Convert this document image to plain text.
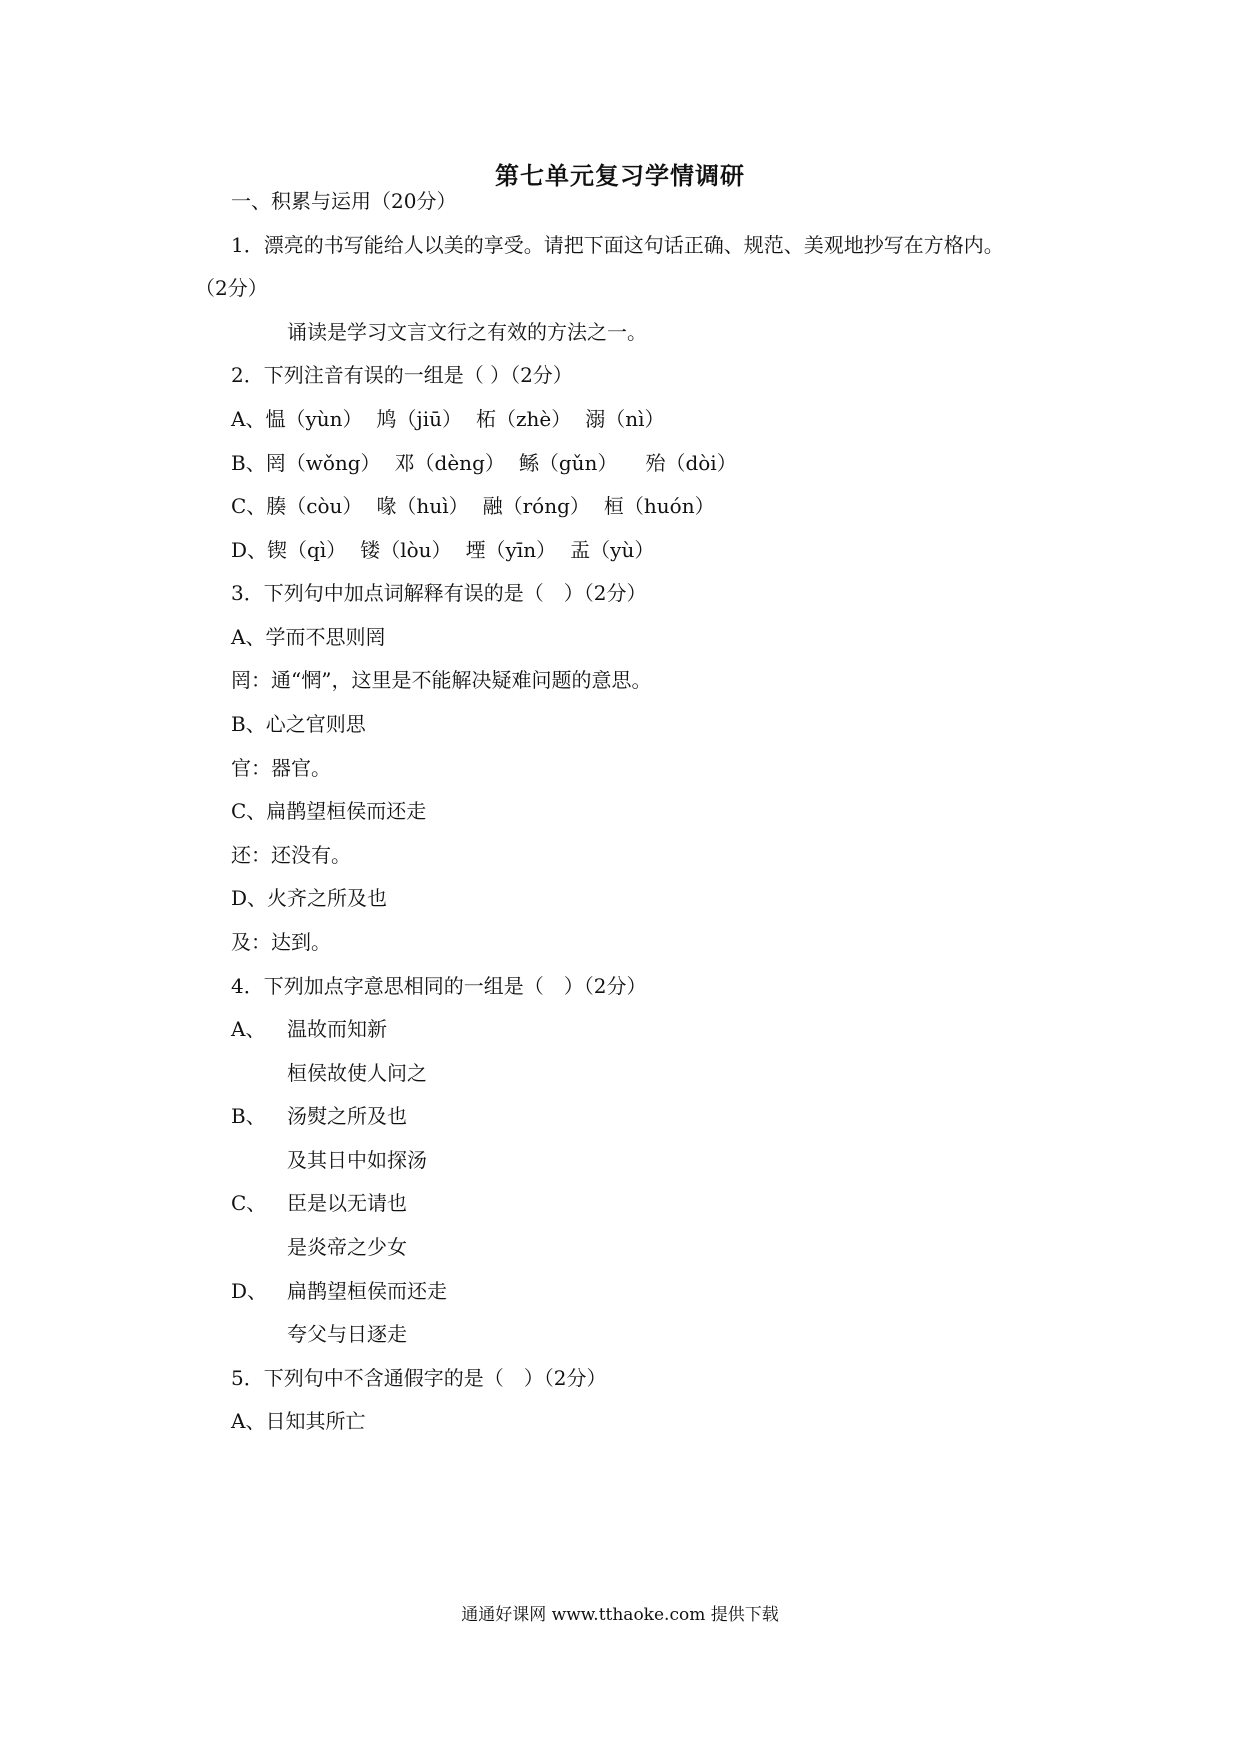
第七单元复习学情调研
一、积累与运用（20分）
1．漂亮的书写能给人以美的享受。请把下面这句话正确、规范、美观地抄写在方格内。
（2分）
诵读是学习文言文行之有效的方法之一。
2．下列注音有误的一组是（ ）（2分）
A、愠（yùn） 鸠（jiū） 柘（zhè） 溺（nì）
B、罔（wǒng） 邓（dèng） 鲧（gǔn） 殆（dòi）
C、腠（còu） 喙（huì） 融（róng） 桓（huón）
D、锲（qì） 镂（lòu） 堙（yīn） 盂（yù）
3．下列句中加点词解释有误的是（　）（2分）
A、学而不思则罔
罔：通“惘”，这里是不能解决疑难问题的意思。
B、心之官则思
官：器官。
C、扁鹊望桓侯而还走
还：还没有。
D、火齐之所及也
及：达到。
4．下列加点字意思相同的一组是（　）（2分）
A、 温故而知新
桓侯故使人问之
B、 汤熨之所及也
及其日中如探汤
C、 臣是以无请也
是炎帝之少女
D、 扁鹊望桓侯而还走
夸父与日逐走
5．下列句中不含通假字的是（　）（2分）
A、日知其所亡
通通好课网 www.tthaoke.com 提供下载
